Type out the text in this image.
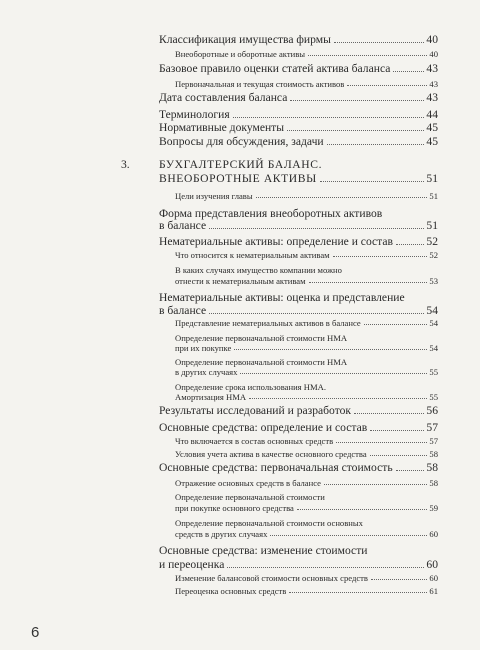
Классификация имущества фирмы	40
Внеоборотные и оборотные активы	40
Базовое правило оценки статей актива баланса	43
Первоначальная и текущая стоимость активов	43
Дата составления баланса	43
Терминология	44
Нормативные документы	45
Вопросы для обсуждения, задачи	45
3.	БУХГАЛТЕРСКИЙ БАЛАНС.
ВНЕОБОРОТНЫЕ АКТИВЫ	51
Цели изучения главы	51
Форма представления внеоборотных активов
в балансе	51
Нематериальные активы: определение и состав	52
Что относится к нематериальным активам	52
В каких случаях имущество компании можно
отнести к нематериальным активам	53
Нематериальные активы: оценка и представление
в балансе	54
Представление нематериальных активов в балансе	54
Определение первоначальной стоимости НМА
при их покупке	54
Определение первоначальной стоимости НМА
в других случаях	55
Определение срока использования НМА.
Амортизация НМА	55
Результаты исследований и разработок	56
Основные средства: определение и состав	57
Что включается в состав основных средств	57
Условия учета актива в качестве основного средства	58
Основные средства: первоначальная стоимость	58
Отражение основных средств в балансе	58
Определение первоначальной стоимости
при покупке основного средства	59
Определение первоначальной стоимости основных
средств в других случаях	60
Основные средства: изменение стоимости
и переоценка	60
Изменение балансовой стоимости основных средств	60
Переоценка основных средств	61
6
